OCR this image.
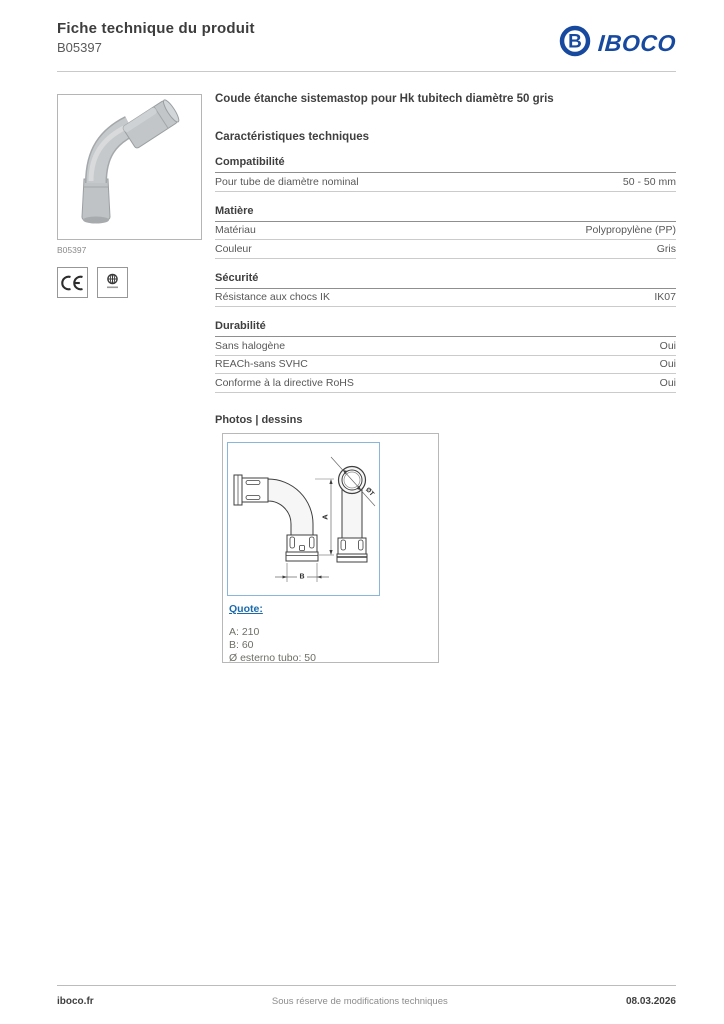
Fiche technique du produit
B05397	B IBOCO
B05397
Coude étanche sistemastop pour Hk tubitech diamètre 50 gris
Caractéristiques techniques
Compatibilité
Pour tube de diamètre nominal	50 - 50 mm
Matière
Matériau	Polypropylène (PP)
Couleur	Gris
Sécurité
Résistance aux chocs IK	IK07
Durabilité
Sans halogène	Oui
REACh-sans SVHC	Oui
Conforme à la directive RoHS	Oui
Photos | dessins
A
B
ØT
Quote:
A: 210
B: 60
Ø esterno tubo: 50
iboco.fr	Sous réserve de modifications techniques	08.03.2026
